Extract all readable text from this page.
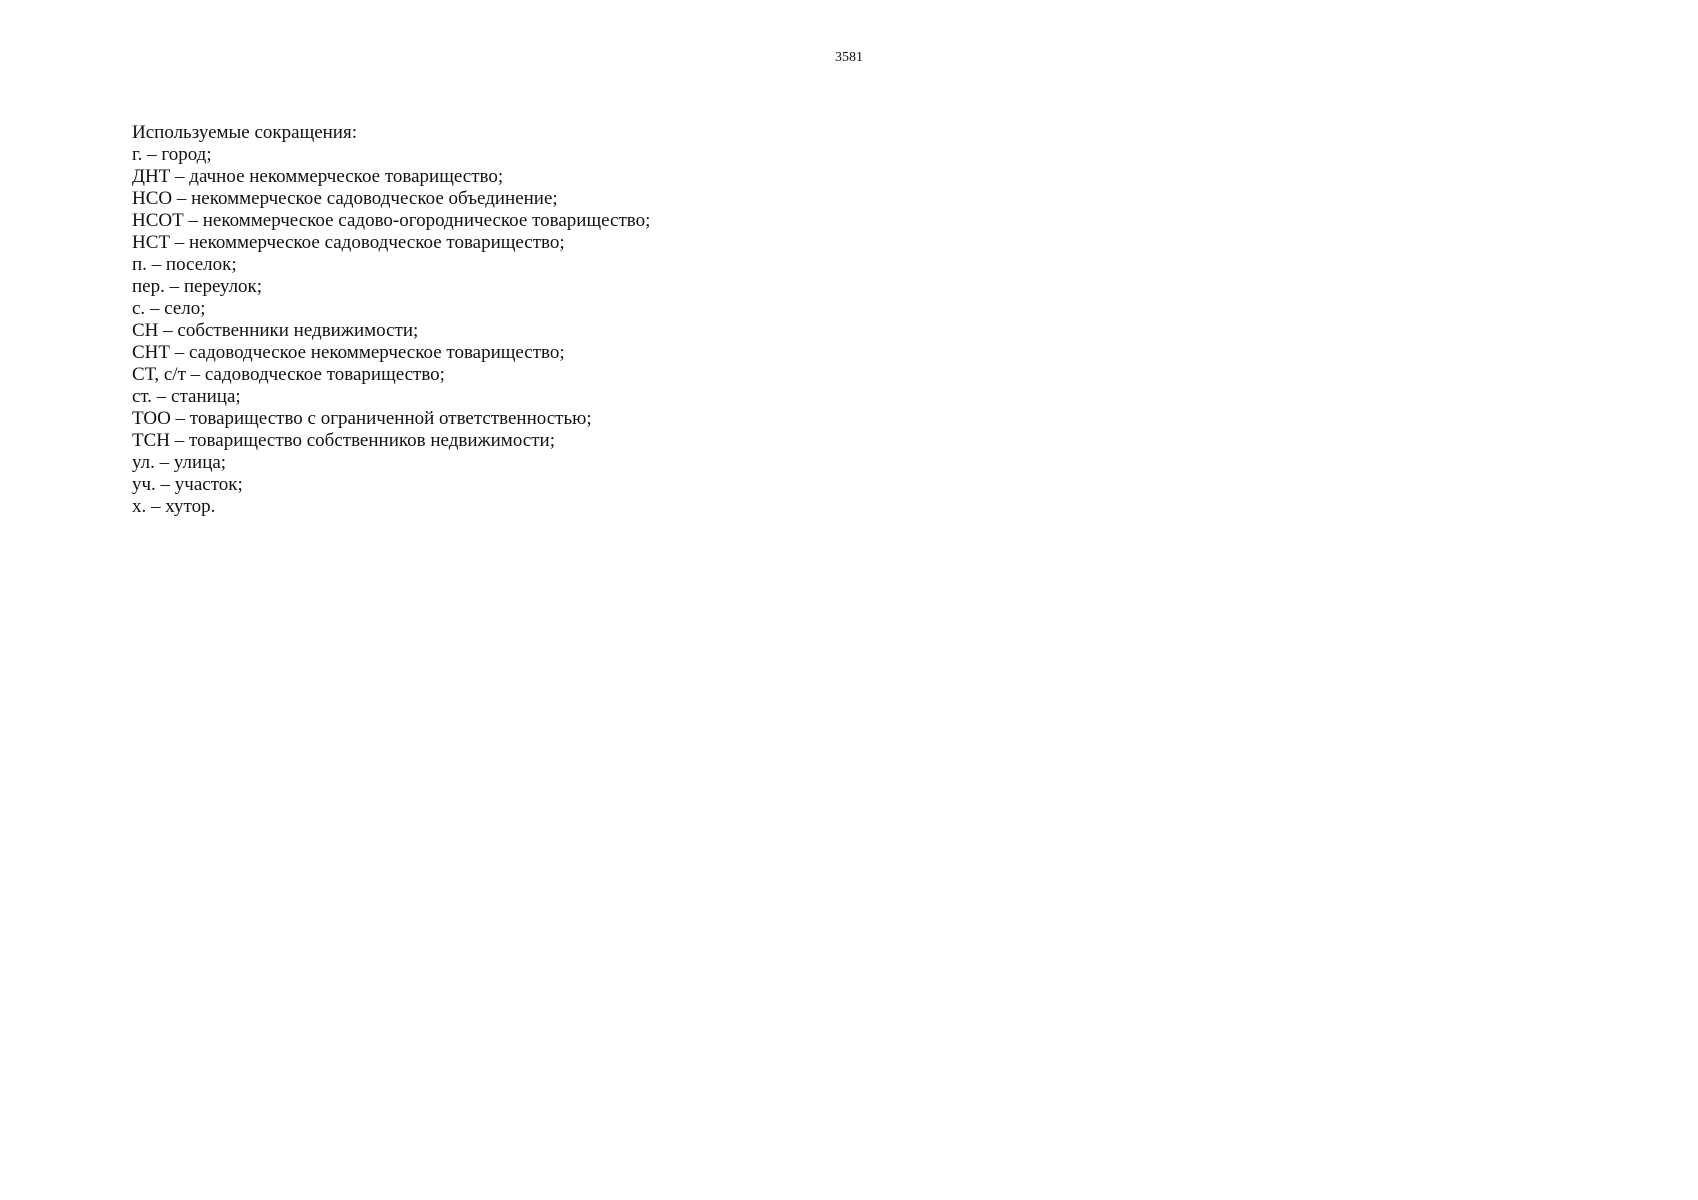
3581

Используемые сокращения:

г. – город;
ДНТ – дачное некоммерческое товарищество;
НСО – некоммерческое садоводческое объединение;
НСОТ – некоммерческое садово-огородническое товарищество;
НСТ – некоммерческое садоводческое товарищество;
п. – поселок;
пер. – переулок;
с. – село;
СН – собственники недвижимости;
СНТ – садоводческое некоммерческое товарищество;
СТ, с/т – садоводческое товарищество;
ст. – станица;
ТОО – товарищество с ограниченной ответственностью;
ТСН – товарищество собственников недвижимости;
ул. – улица;
уч. – участок;
х. – хутор.
